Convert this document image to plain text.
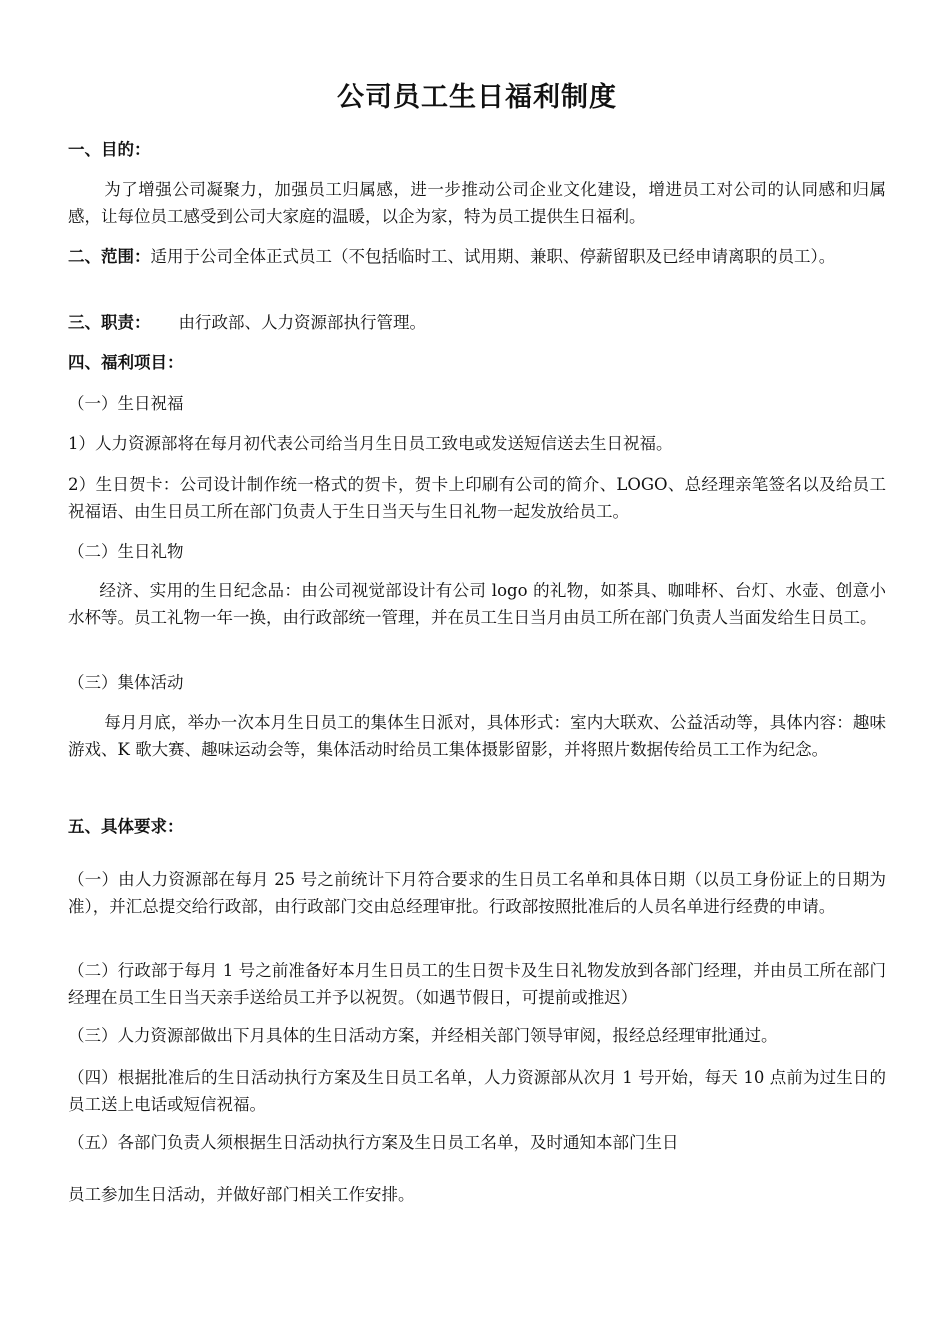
公司员工生日福利制度
一、目的：

为了增强公司凝聚力，加强员工归属感，进一步推动公司企业文化建设，增进员工对公司的认同感和归属感，让每位员工感受到公司大家庭的温暖，以企为家，特为员工提供生日福利。

二、范围：适用于公司全体正式员工（不包括临时工、试用期、兼职、停薪留职及已经申请离职的员工）。

三、职责： 由行政部、人力资源部执行管理。

四、福利项目：

（一）生日祝福

1）人力资源部将在每月初代表公司给当月生日员工致电或发送短信送去生日祝福。

2）生日贺卡：公司设计制作统一格式的贺卡，贺卡上印刷有公司的简介、LOGO、总经理亲笔签名以及给员工祝福语、由生日员工所在部门负责人于生日当天与生日礼物一起发放给员工。

（二）生日礼物

经济、实用的生日纪念品：由公司视觉部设计有公司 logo 的礼物，如茶具、咖啡杯、台灯、水壶、创意小水杯等。员工礼物一年一换，由行政部统一管理，并在员工生日当月由员工所在部门负责人当面发给生日员工。

（三）集体活动

每月月底，举办一次本月生日员工的集体生日派对，具体形式：室内大联欢、公益活动等，具体内容：趣味游戏、K 歌大赛、趣味运动会等，集体活动时给员工集体摄影留影，并将照片数据传给员工工作为纪念。

五、具体要求：

（一）由人力资源部在每月 25 号之前统计下月符合要求的生日员工名单和具体日期（以员工身份证上的日期为准），并汇总提交给行政部，由行政部门交由总经理审批。行政部按照批准后的人员名单进行经费的申请。

（二）行政部于每月 1 号之前准备好本月生日员工的生日贺卡及生日礼物发放到各部门经理，并由员工所在部门经理在员工生日当天亲手送给员工并予以祝贺。（如遇节假日，可提前或推迟）

（三）人力资源部做出下月具体的生日活动方案，并经相关部门领导审阅，报经总经理审批通过。

（四）根据批准后的生日活动执行方案及生日员工名单，人力资源部从次月 1 号开始，每天 10 点前为过生日的员工送上电话或短信祝福。

（五）各部门负责人须根据生日活动执行方案及生日员工名单，及时通知本部门生日

员工参加生日活动，并做好部门相关工作安排。
